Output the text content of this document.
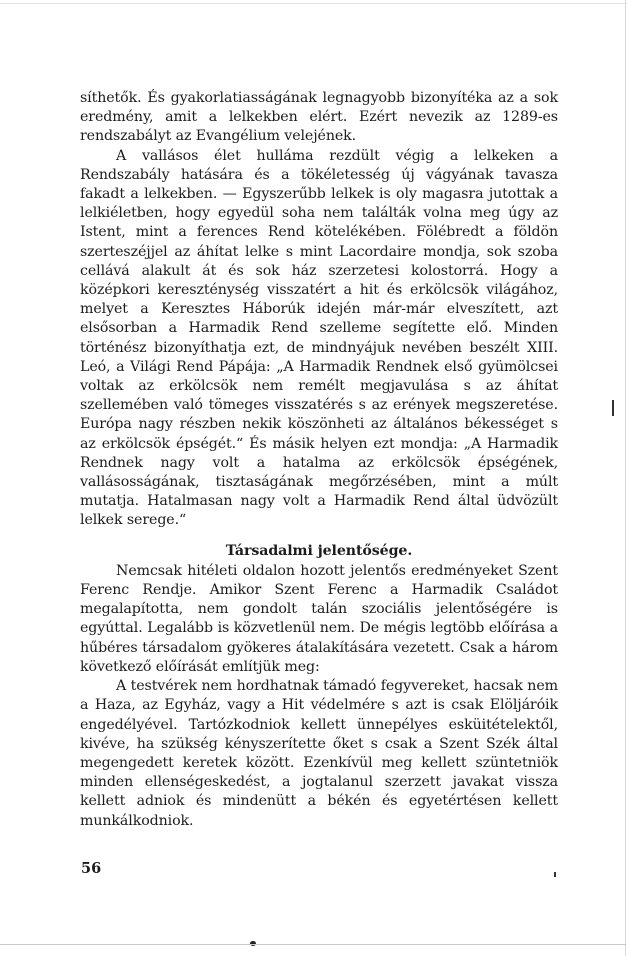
síthetők. És gyakorlatiasságának legnagyobb bizonyítéka az a sok eredmény, amit a lelkekben elért. Ezért nevezik az 1289-es rendszabályt az Evangélium velejének.

A vallásos élet hulláma rezdült végig a lelkeken a Rendszabály hatására és a tökéletesség új vágyának tavasza fakadt a lelkekben. — Egyszerűbb lelkek is oly magasra jutottak a lelkiéletben, hogy egyedül soha nem találták volna meg úgy az Istent, mint a ferences Rend kötelékében. Fölébredt a földön szerteszéjjel az áhítat lelke s mint Lacordaire mondja, sok szoba cellává alakult át és sok ház szerzetesi kolostorrá. Hogy a középkori kereszténység visszatért a hit és erkölcsök világához, melyet a Keresztes Háborúk idején már-már elveszített, azt elsősorban a Harmadik Rend szelleme segítette elő. Minden történész bizonyíthatja ezt, de mindnyájuk nevében beszélt XIII. Leó, a Világi Rend Pápája: „A Harmadik Rendnek első gyümölcsei voltak az erkölcsök nem remélt megjavulása s az áhítat szellemében való tömeges visszatérés s az erények megszeretése. Európa nagy részben nekik köszönheti az általános békességet s az erkölcsök épségét.“ És másik helyen ezt mondja: „A Harmadik Rendnek nagy volt a hatalma az erkölcsök épségének, vallásosságának, tisztaságának megőrzésében, mint a múlt mutatja. Hatalmasan nagy volt a Harmadik Rend által üdvözült lelkek serege.“

Társadalmi jelentősége.

Nemcsak hitéleti oldalon hozott jelentős eredményeket Szent Ferenc Rendje. Amikor Szent Ferenc a Harmadik Családot megalapította, nem gondolt talán szociális jelentőségére is egyúttal. Legalább is közvetlenül nem. De mégis legtöbb előírása a hűbéres társadalom gyökeres átalakítására vezetett. Csak a három következő előírását említjük meg:

A testvérek nem hordhatnak támadó fegyvereket, hacsak nem a Haza, az Egyház, vagy a Hit védelmére s azt is csak Elöljáróik engedélyével. Tartózkodniok kellett ünnepélyes esküitételektől, kivéve, ha szükség kényszerítette őket s csak a Szent Szék által megengedett keretek között. Ezenkívül meg kellett szüntetniök minden ellenségeskedést, a jogtalanul szerzett javakat vissza kellett adniok és mindenütt a békén és egyetértésen kellett munkálkodniok.

56
